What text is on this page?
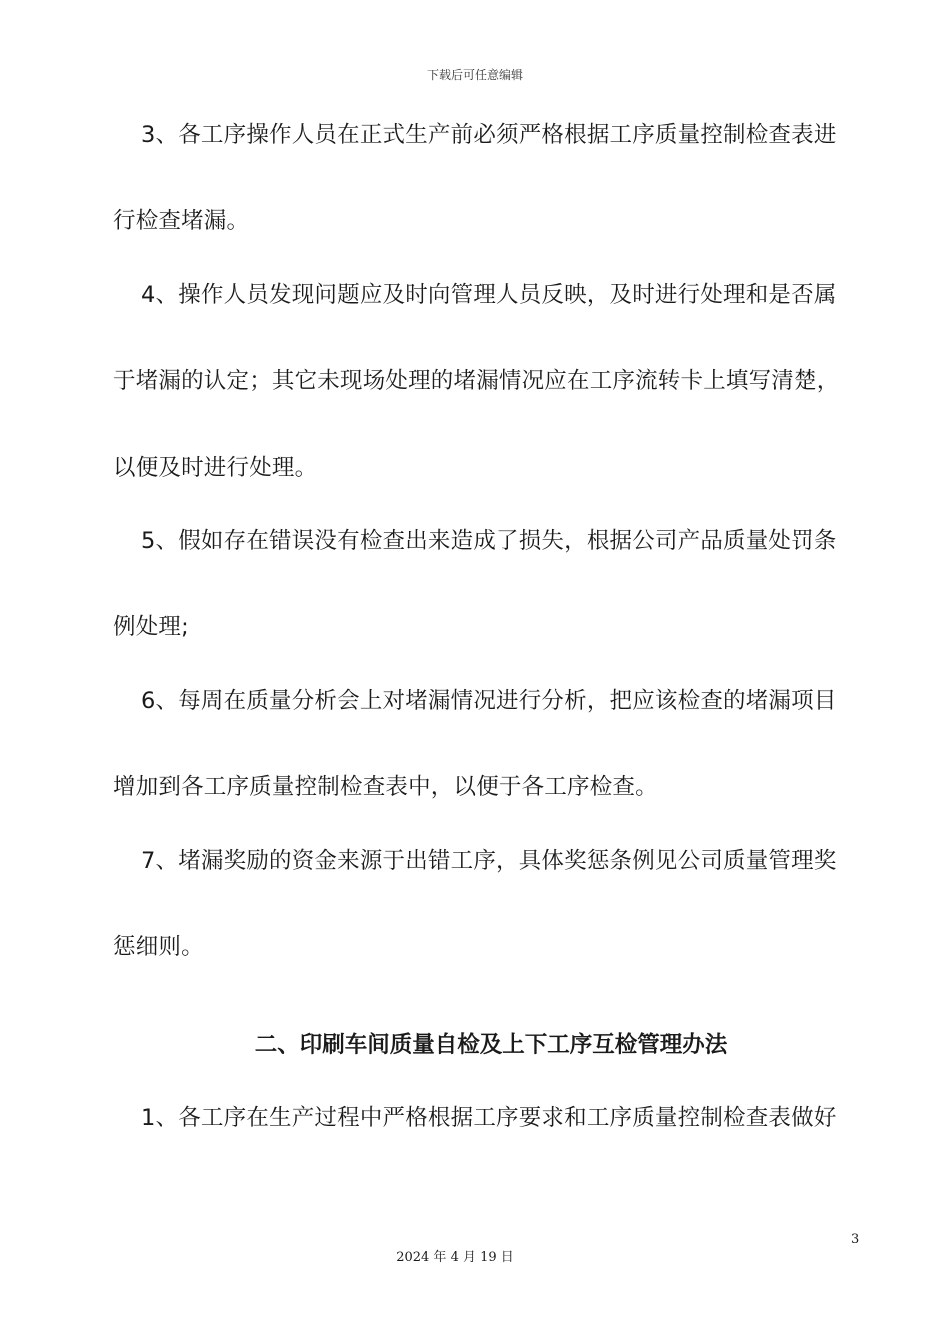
下载后可任意编辑
3、各工序操作人员在正式生产前必须严格根据工序质量控制检查表进
行检查堵漏。
4、操作人员发现问题应及时向管理人员反映，及时进行处理和是否属
于堵漏的认定；其它未现场处理的堵漏情况应在工序流转卡上填写清楚，
以便及时进行处理。
5、假如存在错误没有检查出来造成了损失，根据公司产品质量处罚条
例处理;
6、每周在质量分析会上对堵漏情况进行分析，把应该检查的堵漏项目
增加到各工序质量控制检查表中，以便于各工序检查。
7、堵漏奖励的资金来源于出错工序，具体奖惩条例见公司质量管理奖
惩细则。
二、印刷车间质量自检及上下工序互检管理办法
1、各工序在生产过程中严格根据工序要求和工序质量控制检查表做好
3
2024 年 4 月 19 日
